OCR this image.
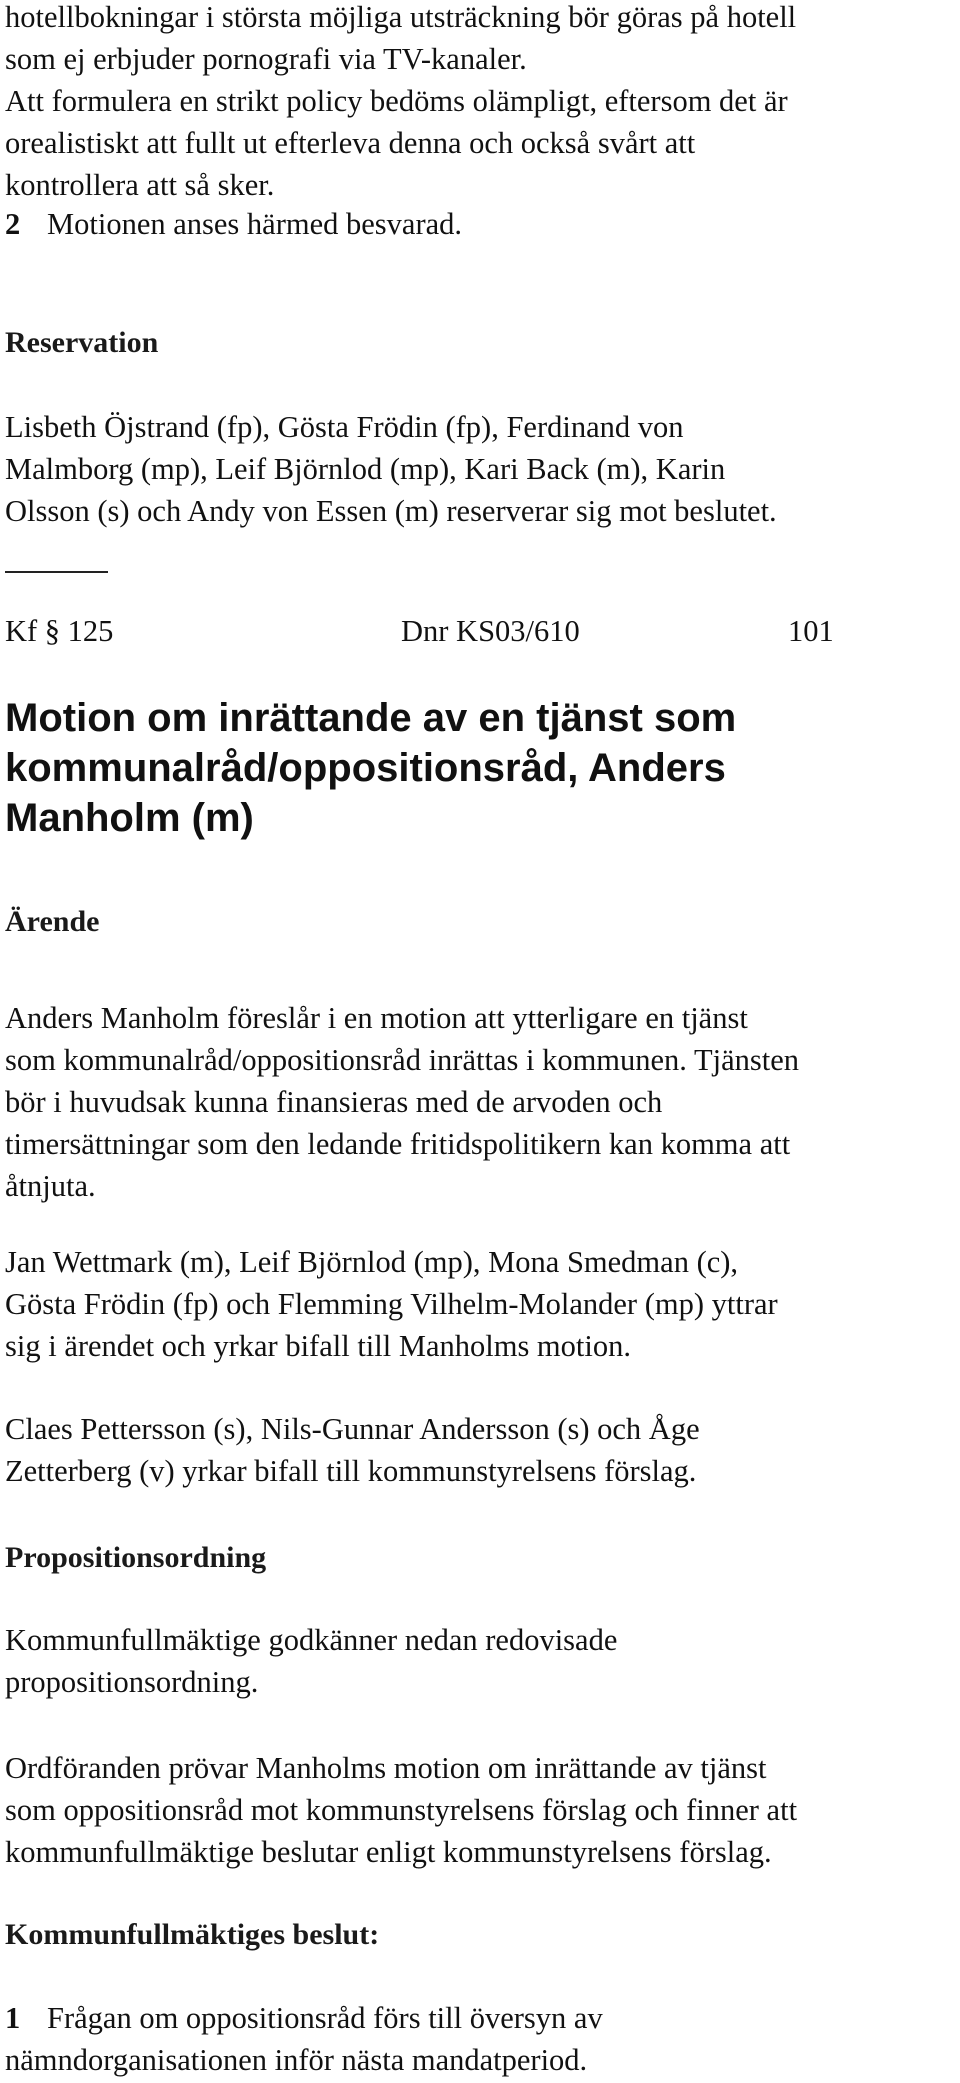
hotellbokningar i största möjliga utsträckning bör göras på hotell
som ej erbjuder pornografi via TV-kanaler.
Att formulera en strikt policy bedöms olämpligt, eftersom det är
orealistiskt att fullt ut efterleva denna och också svårt att
kontrollera att så sker.

2 Motionen anses härmed besvarad.

Reservation

Lisbeth Öjstrand (fp), Gösta Frödin (fp), Ferdinand von
Malmborg (mp), Leif Björnlod (mp), Kari Back (m), Karin
Olsson (s) och Andy von Essen (m) reserverar sig mot beslutet.

Kf § 125	Dnr KS03/610	101

Motion om inrättande av en tjänst som
kommunalråd/oppositionsråd, Anders
Manholm (m)
Ärende

Anders Manholm föreslår i en motion att ytterligare en tjänst
som kommunalråd/oppositionsråd inrättas i kommunen. Tjänsten
bör i huvudsak kunna finansieras med de arvoden och
timersättningar som den ledande fritidspolitikern kan komma att
åtnjuta.

Jan Wettmark (m), Leif Björnlod (mp), Mona Smedman (c),
Gösta Frödin (fp) och Flemming Vilhelm-Molander (mp) yttrar
sig i ärendet och yrkar bifall till Manholms motion.

Claes Pettersson (s), Nils-Gunnar Andersson (s) och Åge
Zetterberg (v) yrkar bifall till kommunstyrelsens förslag.

Propositionsordning

Kommunfullmäktige godkänner nedan redovisade
propositionsordning.

Ordföranden prövar Manholms motion om inrättande av tjänst
som oppositionsråd mot kommunstyrelsens förslag och finner att
kommunfullmäktige beslutar enligt kommunstyrelsens förslag.

Kommunfullmäktiges beslut:

1 Frågan om oppositionsråd förs till översyn av
nämndorganisationen inför nästa mandatperiod.
